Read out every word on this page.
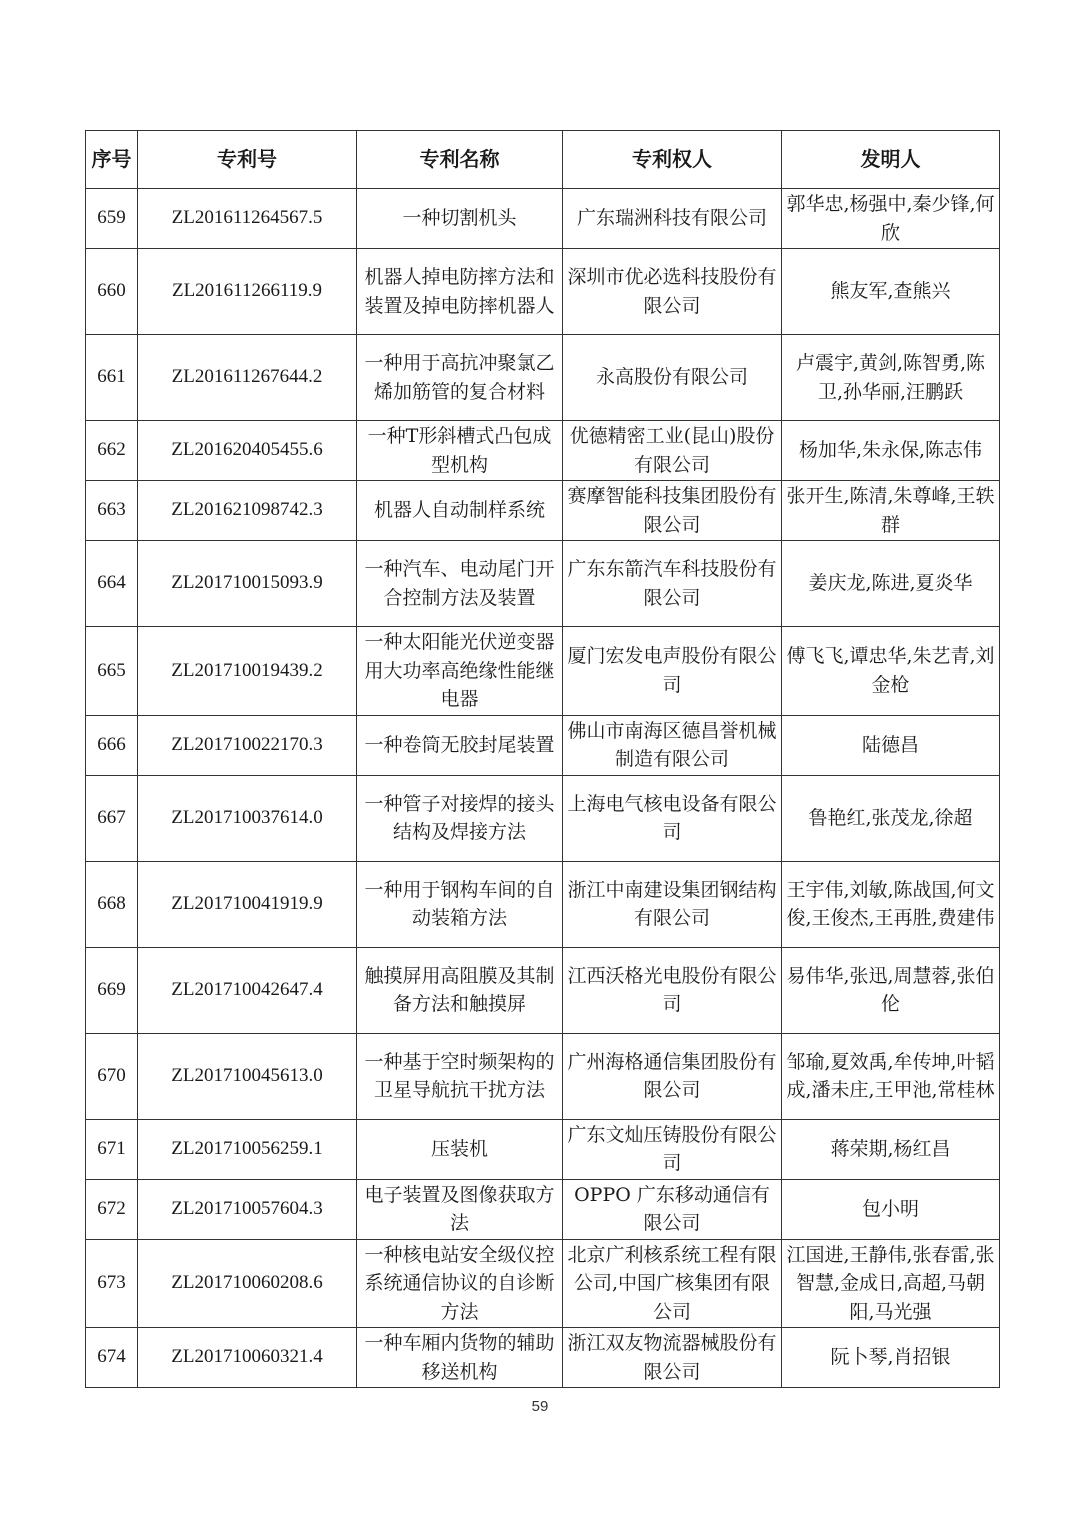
序号	专利号	专利名称	专利权人	发明人
659	ZL201611264567.5	一种切割机头	广东瑞洲科技有限公司	郭华忠,杨强中,秦少锋,何欣
660	ZL201611266119.9	机器人掉电防摔方法和装置及掉电防摔机器人	深圳市优必选科技股份有限公司	熊友军,查熊兴
661	ZL201611267644.2	一种用于高抗冲聚氯乙烯加筋管的复合材料	永高股份有限公司	卢震宇,黄剑,陈智勇,陈卫,孙华丽,汪鹏跃
662	ZL201620405455.6	一种T形斜槽式凸包成型机构	优德精密工业(昆山)股份有限公司	杨加华,朱永保,陈志伟
663	ZL201621098742.3	机器人自动制样系统	赛摩智能科技集团股份有限公司	张开生,陈清,朱尊峰,王轶群
664	ZL201710015093.9	一种汽车、电动尾门开合控制方法及装置	广东东箭汽车科技股份有限公司	姜庆龙,陈进,夏炎华
665	ZL201710019439.2	一种太阳能光伏逆变器用大功率高绝缘性能继电器	厦门宏发电声股份有限公司	傅飞飞,谭忠华,朱艺青,刘金枪
666	ZL201710022170.3	一种卷筒无胶封尾装置	佛山市南海区德昌誉机械制造有限公司	陆德昌
667	ZL201710037614.0	一种管子对接焊的接头结构及焊接方法	上海电气核电设备有限公司	鲁艳红,张茂龙,徐超
668	ZL201710041919.9	一种用于钢构车间的自动装箱方法	浙江中南建设集团钢结构有限公司	王宇伟,刘敏,陈战国,何文俊,王俊杰,王再胜,费建伟
669	ZL201710042647.4	触摸屏用高阻膜及其制备方法和触摸屏	江西沃格光电股份有限公司	易伟华,张迅,周慧蓉,张伯伦
670	ZL201710045613.0	一种基于空时频架构的卫星导航抗干扰方法	广州海格通信集团股份有限公司	邹瑜,夏效禹,牟传坤,叶韬成,潘未庄,王甲池,常桂林
671	ZL201710056259.1	压装机	广东文灿压铸股份有限公司	蒋荣期,杨红昌
672	ZL201710057604.3	电子装置及图像获取方法	OPPO 广东移动通信有限公司	包小明
673	ZL201710060208.6	一种核电站安全级仪控系统通信协议的自诊断方法	北京广利核系统工程有限公司,中国广核集团有限公司	江国进,王静伟,张春雷,张智慧,金成日,高超,马朝阳,马光强
674	ZL201710060321.4	一种车厢内货物的辅助移送机构	浙江双友物流器械股份有限公司	阮卜琴,肖招银
59
